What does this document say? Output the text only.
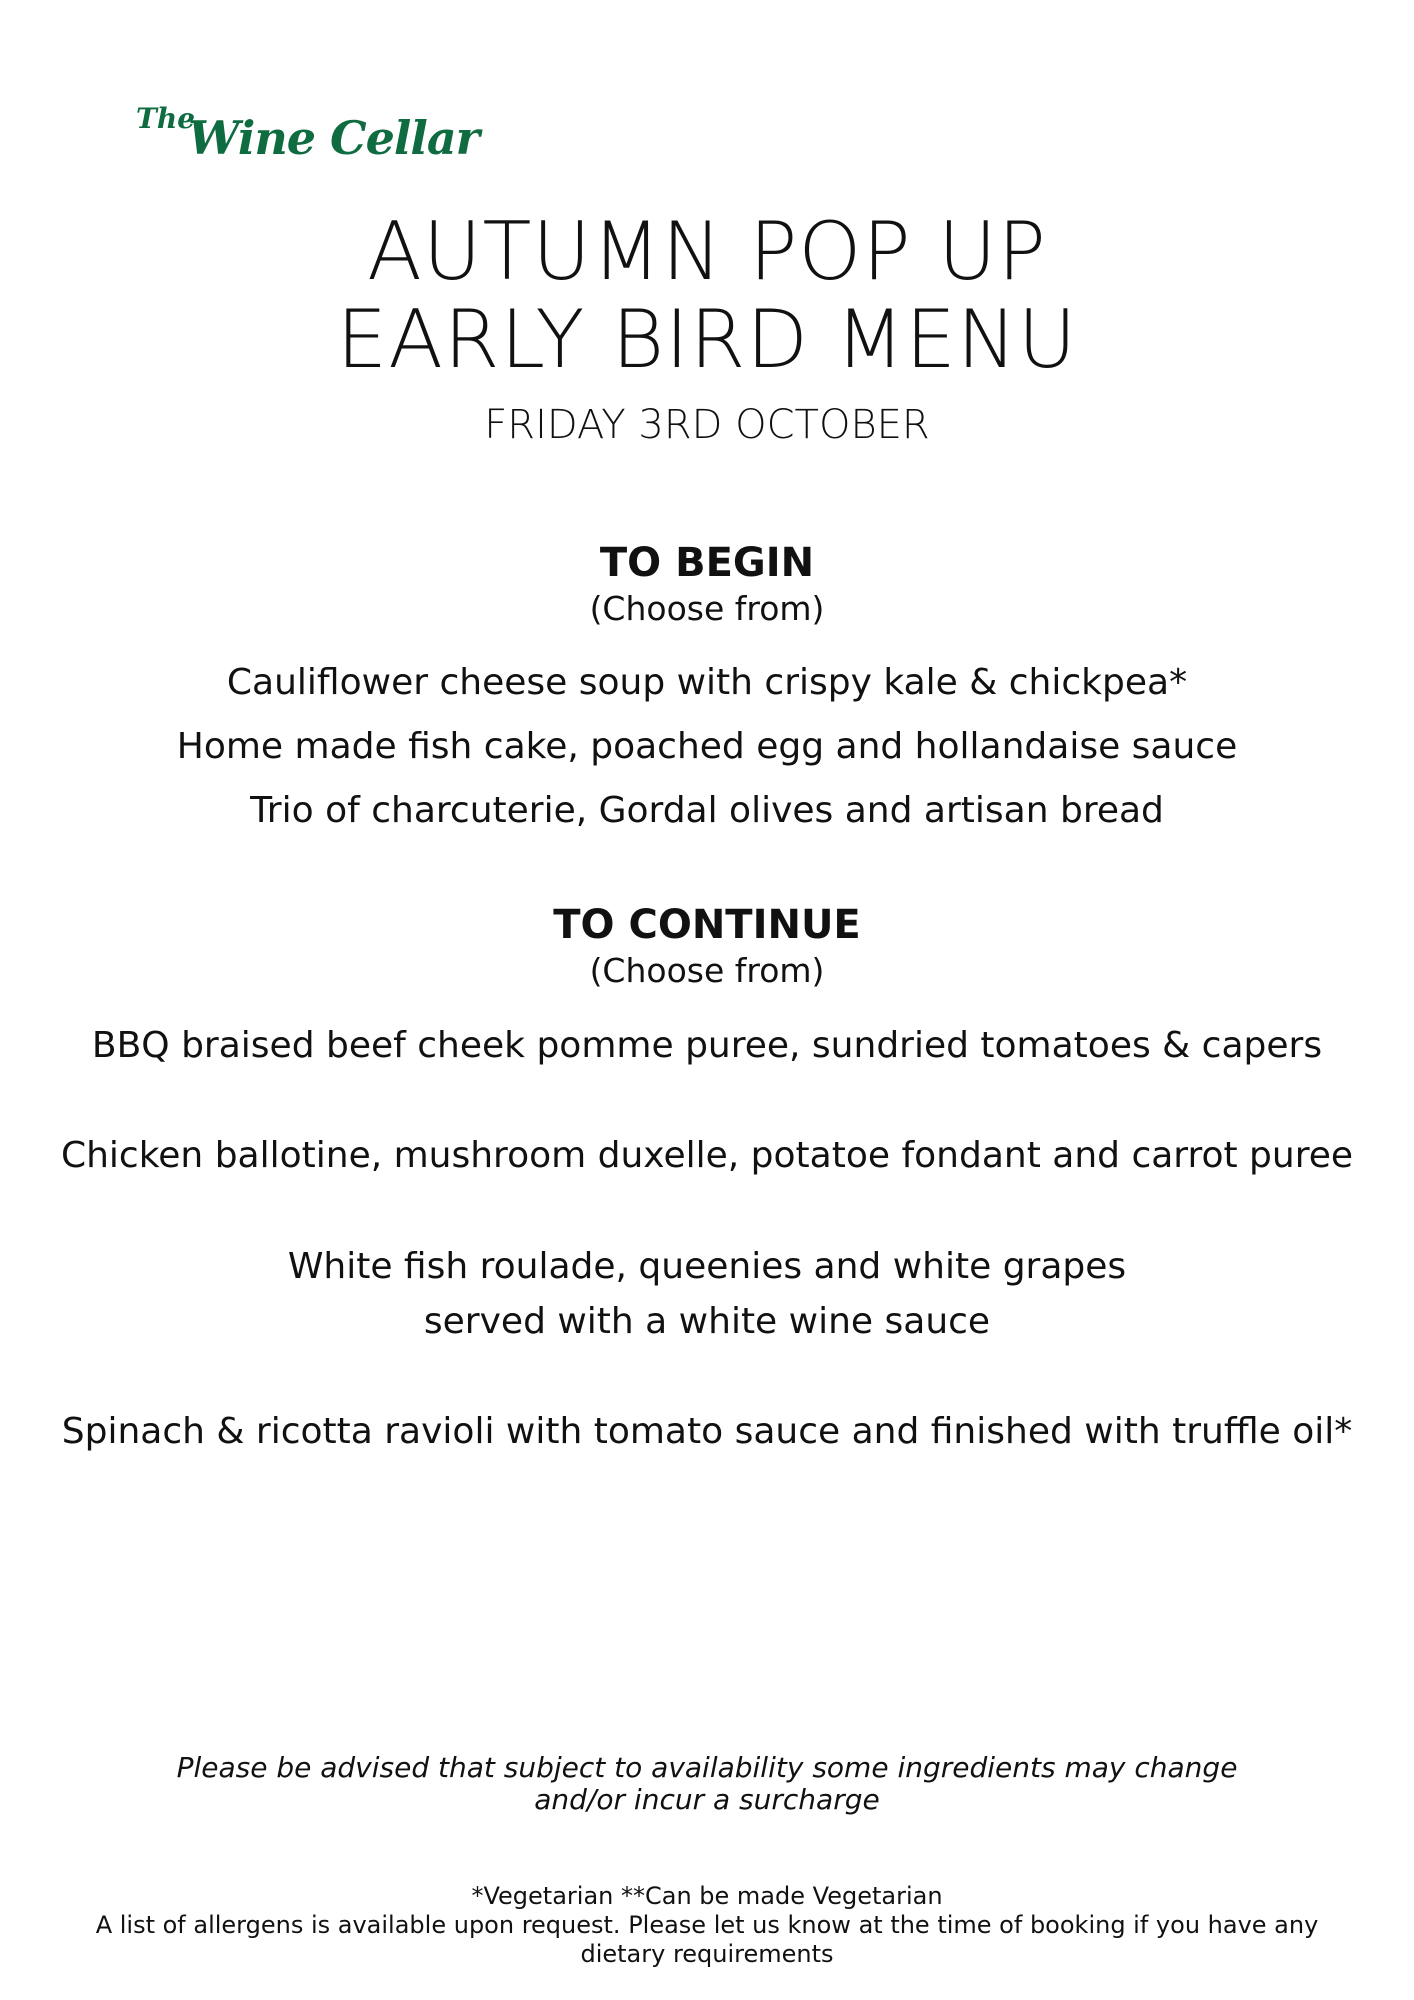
The
Wine Cellar
AUTUMN POP UP
EARLY BIRD MENU
FRIDAY 3RD OCTOBER
TO BEGIN
(Choose from)
Cauliflower cheese soup with crispy kale & chickpea*
Home made fish cake, poached egg and hollandaise sauce
Trio of charcuterie, Gordal olives and artisan bread
TO CONTINUE
(Choose from)
BBQ braised beef cheek pomme puree, sundried tomatoes & capers
Chicken ballotine, mushroom duxelle, potatoe fondant and carrot puree
White fish roulade, queenies and white grapes
served with a white wine sauce
Spinach & ricotta ravioli with tomato sauce and finished with truffle oil*
Please be advised that subject to availability some ingredients may change
and/or incur a surcharge
*Vegetarian **Can be made Vegetarian
A list of allergens is available upon request. Please let us know at the time of booking if you have any
dietary requirements
